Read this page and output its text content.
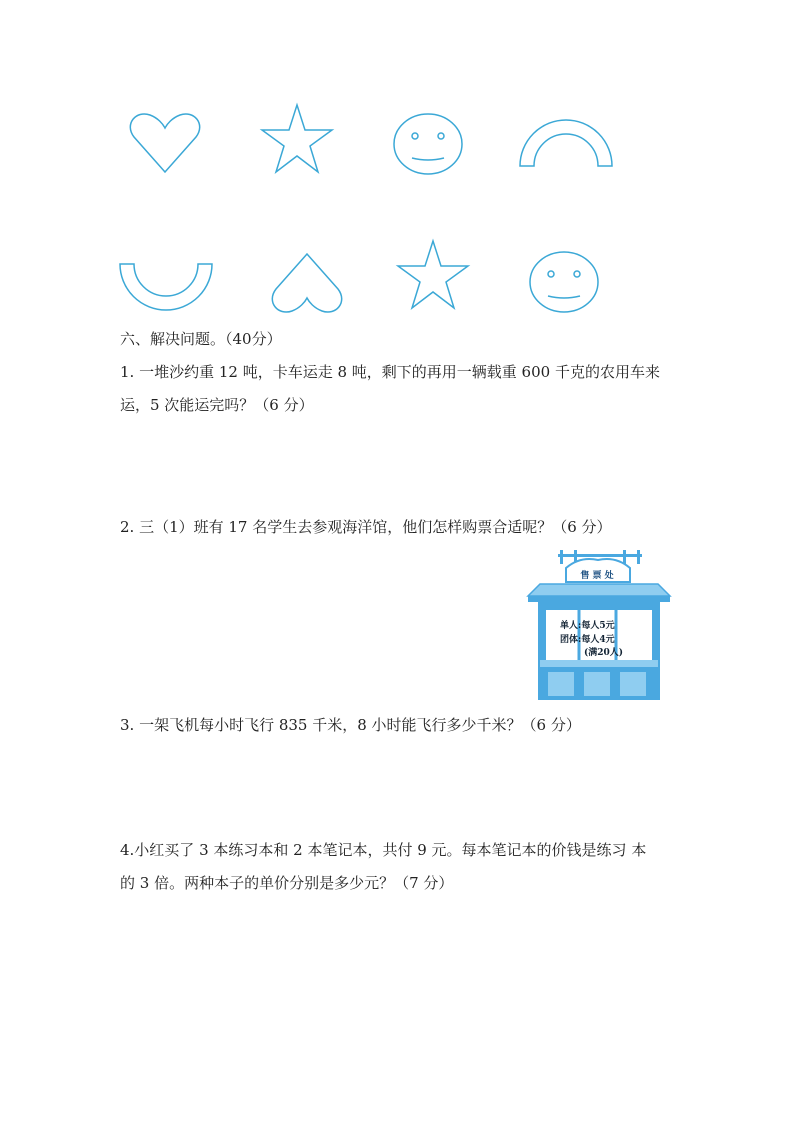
六、解决问题。（40分）
1. 一堆沙约重 12 吨，卡车运走 8 吨，剩下的再用一辆载重 600 千克的农用车来
运，5 次能运完吗？（6 分）
2. 三（1）班有 17 名学生去参观海洋馆，他们怎样购票合适呢？（6 分）
售 票 处
单人:每人5元
团体:每人4元
(满20人)
3. 一架飞机每小时飞行 835 千米，8 小时能飞行多少千米？（6 分）
4.小红买了 3 本练习本和 2 本笔记本，共付 9 元。每本笔记本的价钱是练习 本
的 3 倍。两种本子的单价分别是多少元？（7 分）
